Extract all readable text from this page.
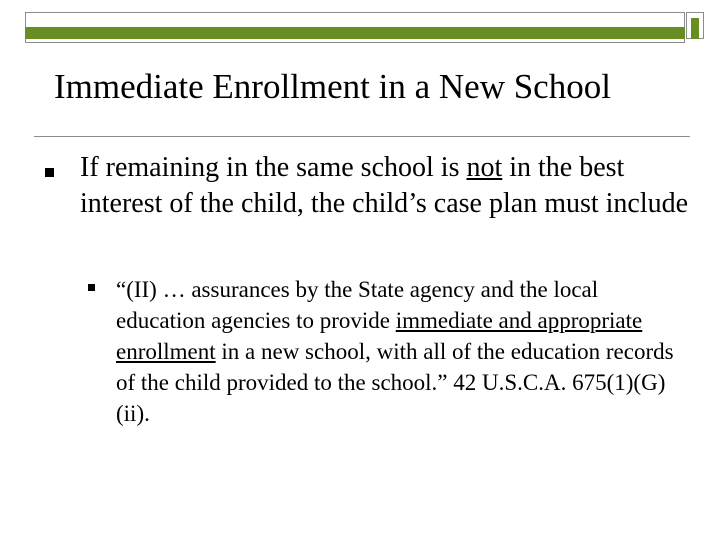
Immediate Enrollment in a New School
If remaining in the same school is not in the best interest of the child, the child’s case plan must include
“(II) … assurances by the State agency and the local education agencies to provide immediate and appropriate enrollment in a new school, with all of the education records of the child provided to the school.” 42 U.S.C.A. 675(1)(G)(ii).
